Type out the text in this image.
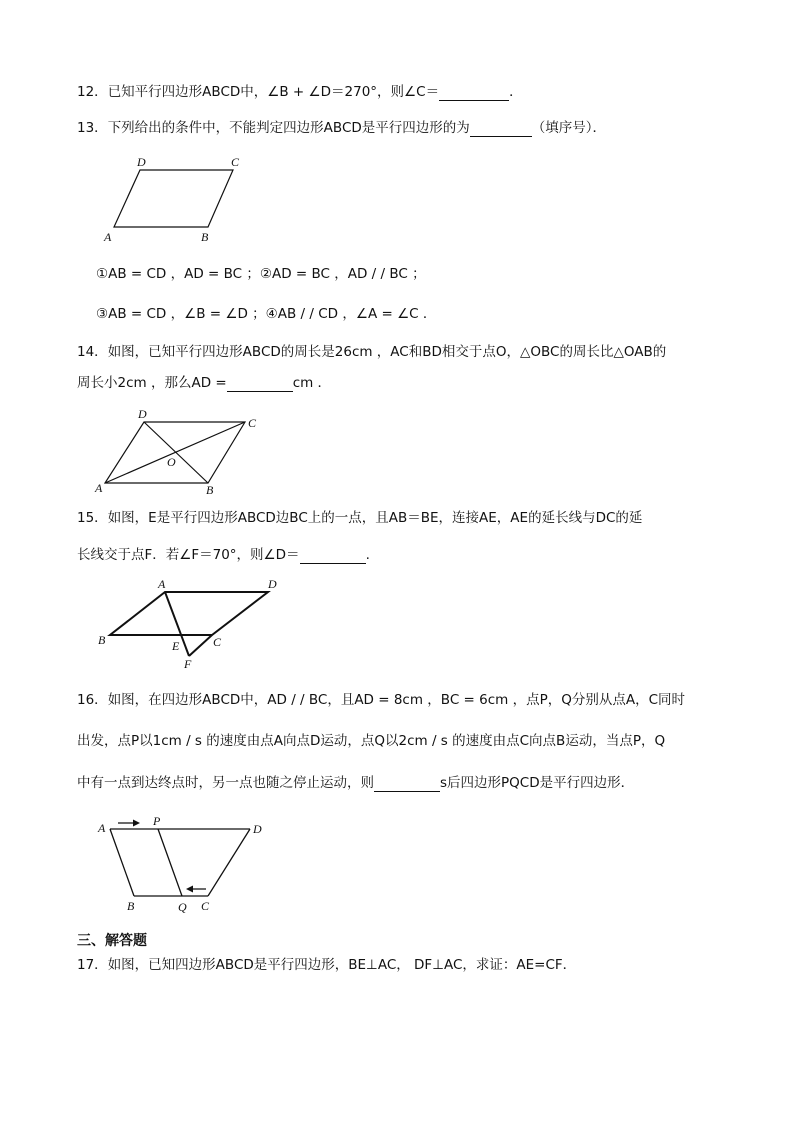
12．已知平行四边形ABCD中，∠B + ∠D＝270°，则∠C＝	．
13．下列给出的条件中，不能判定四边形ABCD是平行四边形的为	（填序号）．
A	B
C
D
①AB = CD ，AD = BC ；②AD = BC ，AD / / BC ；
③AB = CD ，∠B = ∠D ；④AB / / CD ，∠A = ∠C ．
14．如图，已知平行四边形ABCD的周长是26cm ，AC和BD相交于点O，△OBC的周长比△OAB的
周长小2cm ，那么AD =	cm ．
A	B
C
D
O
15．如图，E是平行四边形ABCD边BC上的一点，且AB＝BE，连接AE，AE的延长线与DC的延
长线交于点F．若∠F＝70°，则∠D＝	.
A	D
B	E	C
F
16．如图，在四边形ABCD中，AD / / BC，且AD = 8cm ，BC = 6cm ，点P，Q分别从点A，C同时
出发，点P以1cm / s 的速度由点A向点D运动，点Q以2cm / s 的速度由点C向点B运动，当点P，Q
中有一点到达终点时，另一点也随之停止运动，则	s后四边形PQCD是平行四边形．
A	P
D
B	Q C
三、解答题
17．如图，已知四边形ABCD是平行四边形，BE⊥AC， DF⊥AC，求证：AE=CF．
